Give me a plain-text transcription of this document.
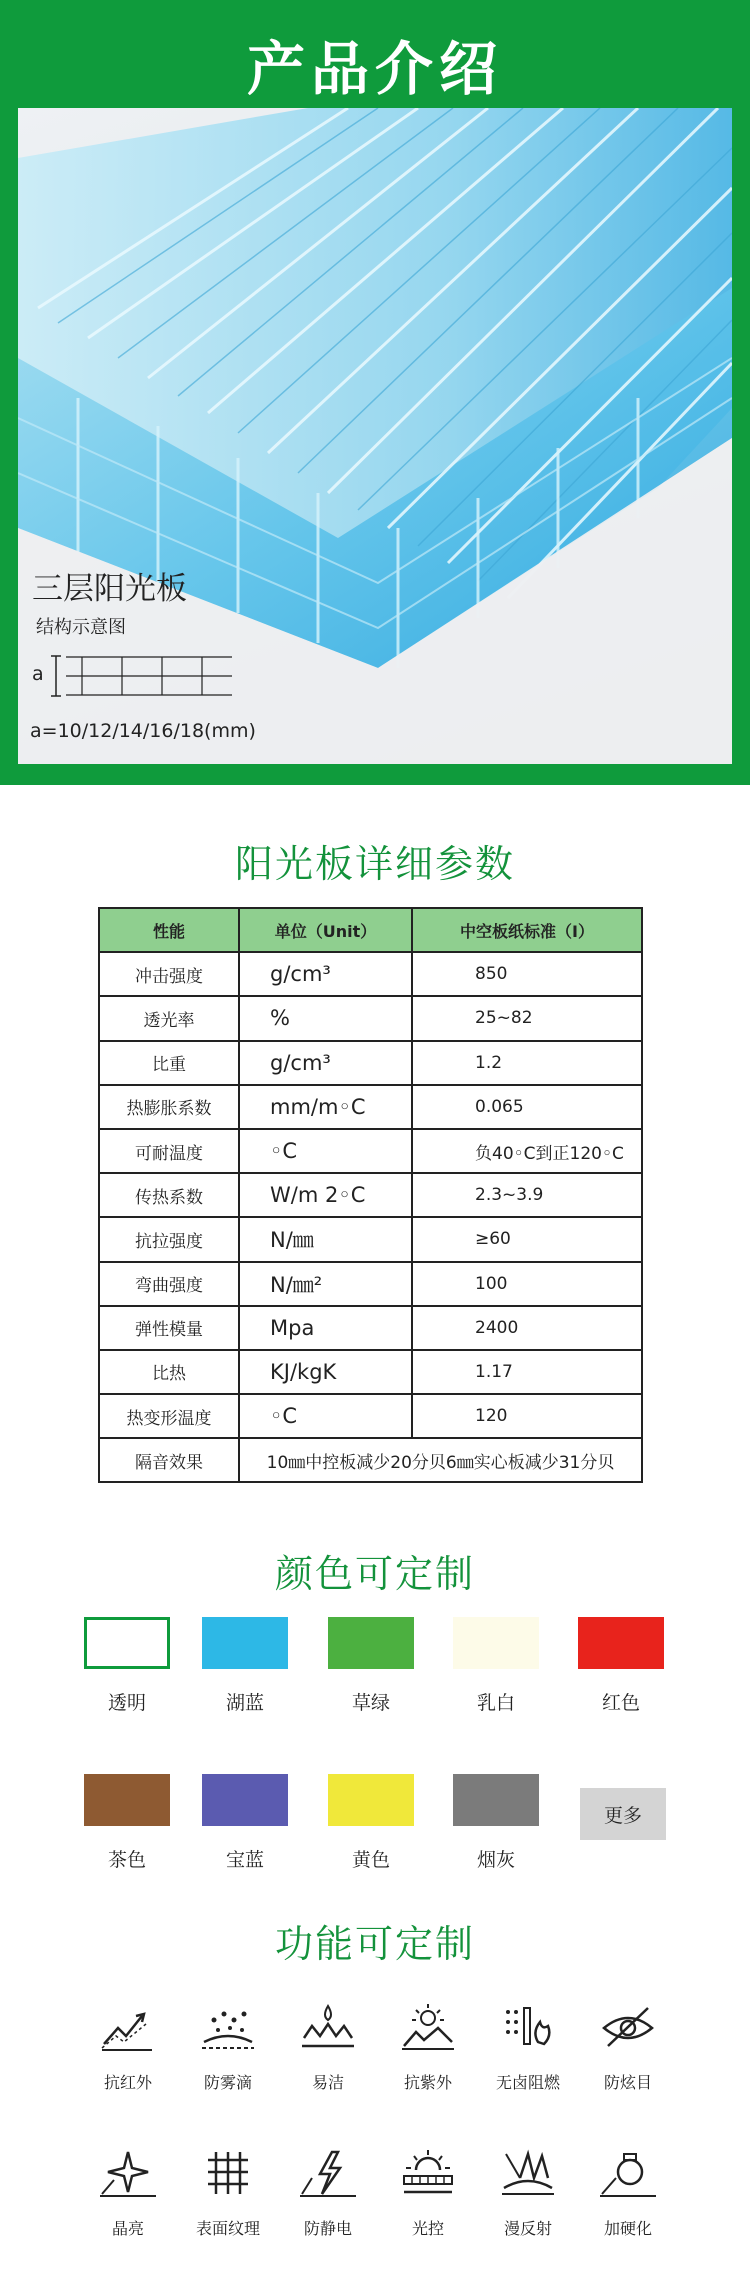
产品介绍
三层阳光板
结构示意图
a
a=10/12/14/16/18(mm)
阳光板详细参数
性能	单位（Unit）	中空板纸标准（I）
冲击强度	g/cm³	850
透光率	%	25~82
比重	g/cm³	1.2
热膨胀系数	mm/m◦C	0.065
可耐温度	◦C	负40◦C到正120◦C
传热系数	W/m 2◦C	2.3~3.9
抗拉强度	N/㎜	≥60
弯曲强度	N/㎜²	100
弹性模量	Mpa	2400
比热	KJ/kgK	1.17
热变形温度	◦C	120
隔音效果	10㎜中控板减少20分贝6㎜实心板减少31分贝	
颜色可定制
透明	湖蓝	草绿	乳白	红色
茶色	宝蓝	黄色	烟灰
更多
功能可定制
抗红外	防雾滴	易洁	抗紫外	无卤阻燃	防炫目
晶亮	表面纹理	防静电	光控	漫反射	加硬化
